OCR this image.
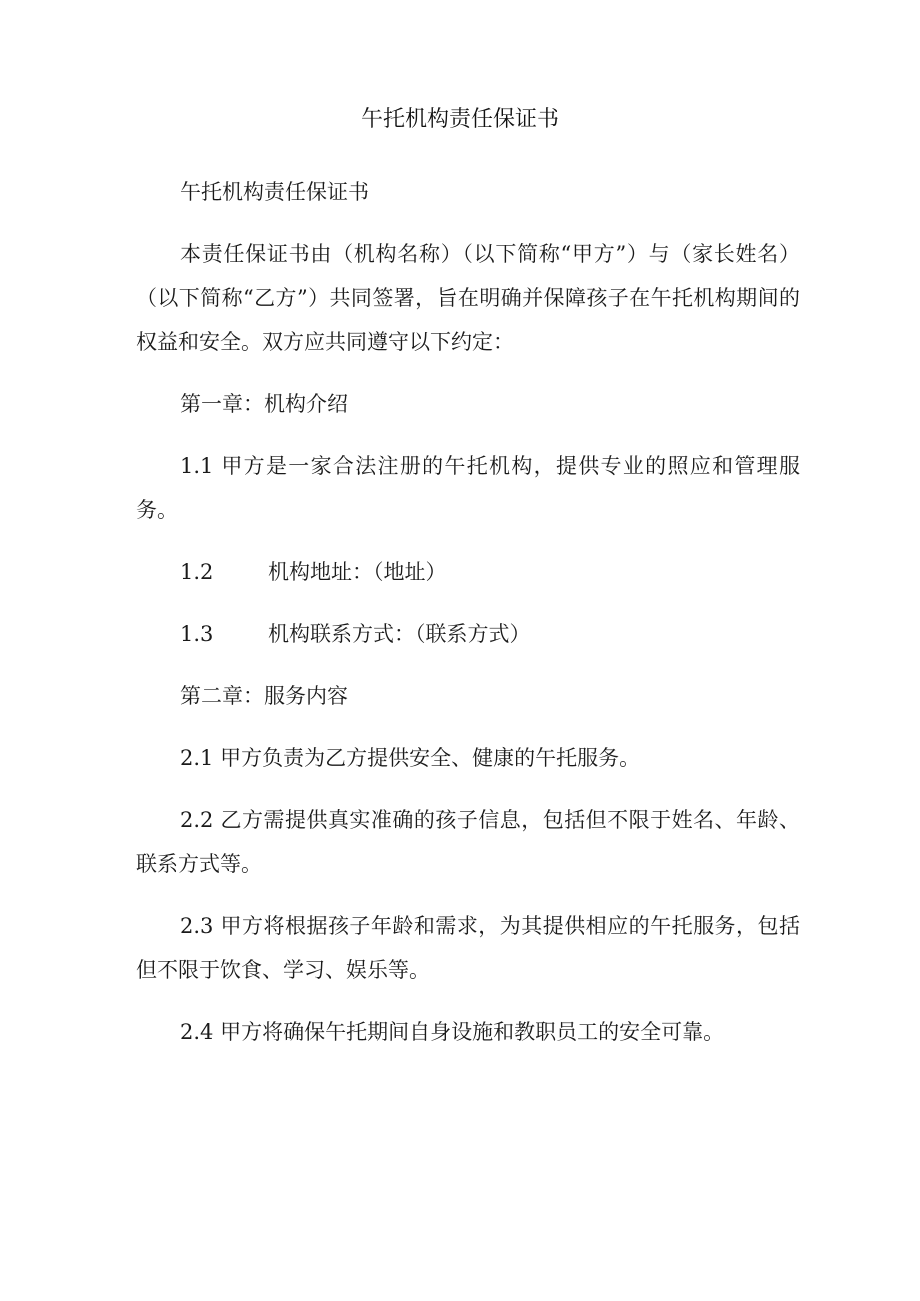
午托机构责任保证书

午托机构责任保证书

本责任保证书由（机构名称）（以下简称“甲方”）与（家长姓名）（以下简称“乙方”）共同签署，旨在明确并保障孩子在午托机构期间的权益和安全。双方应共同遵守以下约定：

第一章：机构介绍

1.1 甲方是一家合法注册的午托机构，提供专业的照应和管理服务。

1.2	机构地址：（地址）

1.3	机构联系方式：（联系方式）

第二章：服务内容

2.1 甲方负责为乙方提供安全、健康的午托服务。

2.2 乙方需提供真实准确的孩子信息，包括但不限于姓名、年龄、联系方式等。

2.3 甲方将根据孩子年龄和需求，为其提供相应的午托服务，包括但不限于饮食、学习、娱乐等。

2.4 甲方将确保午托期间自身设施和教职员工的安全可靠。
